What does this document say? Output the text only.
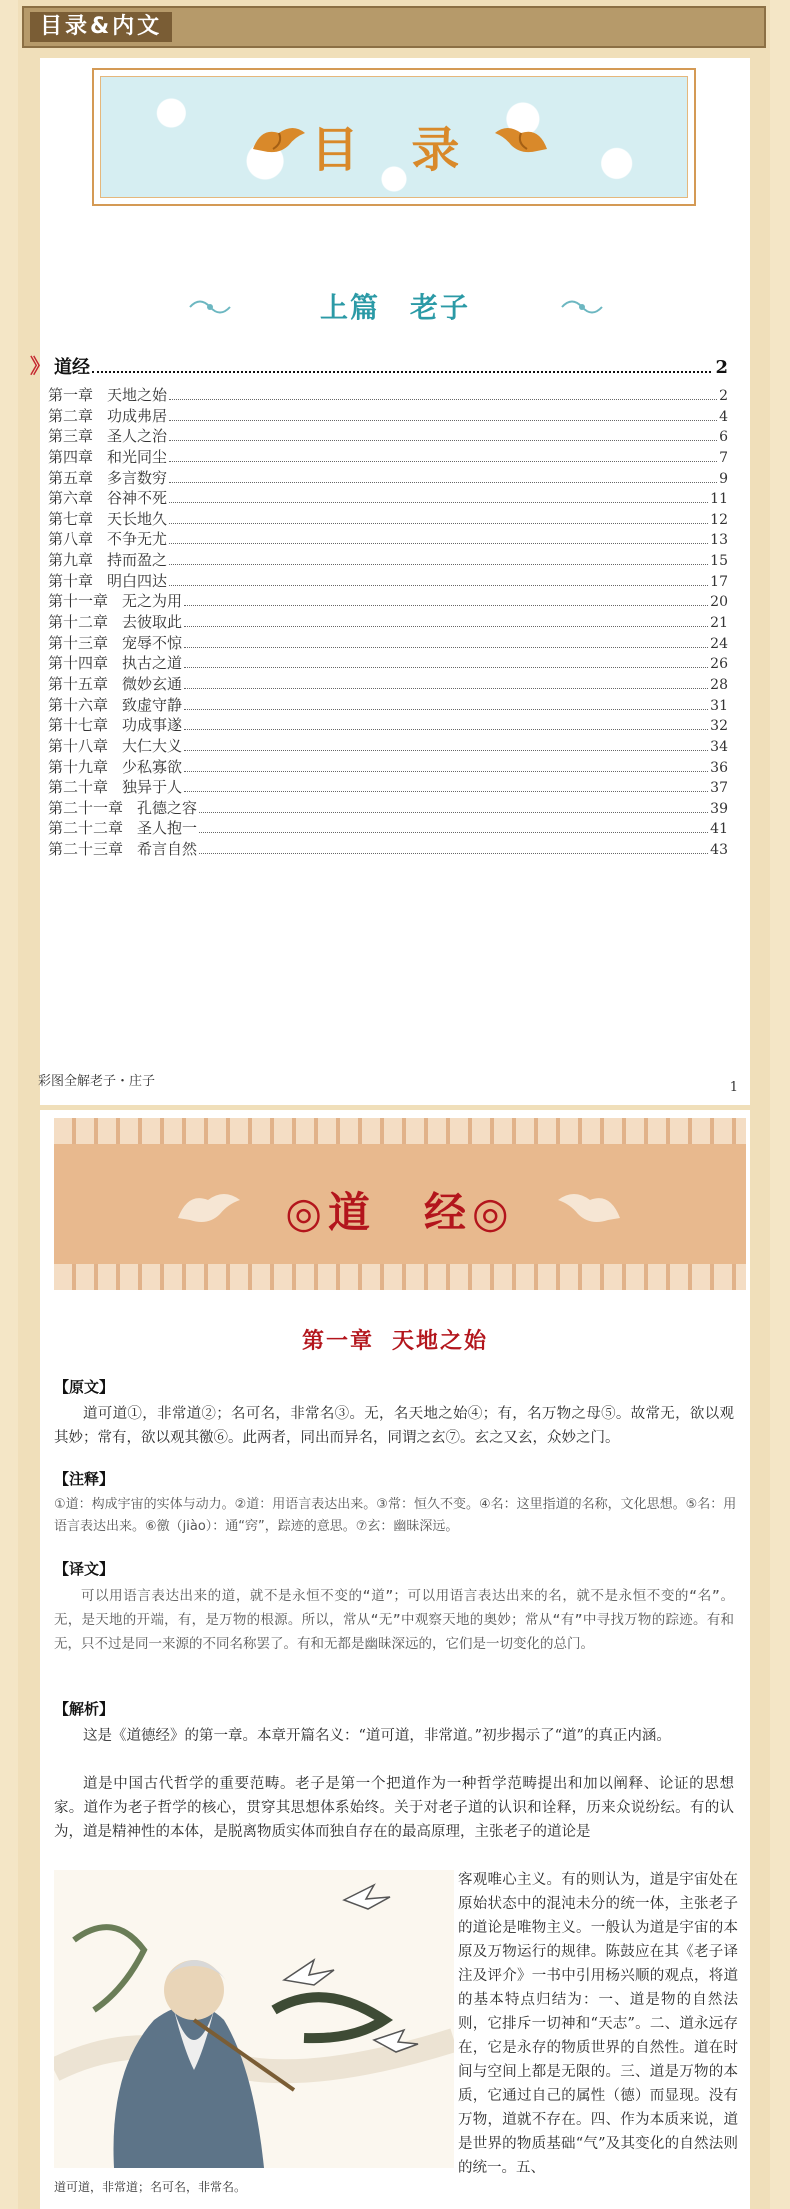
目录&内文
目 录
上篇　老子
》 道经	2
第一章 天地之始	2
第二章 功成弗居	4
第三章 圣人之治	6
第四章 和光同尘	7
第五章 多言数穷	9
第六章 谷神不死	11
第七章 天长地久	12
第八章 不争无尤	13
第九章 持而盈之	15
第十章 明白四达	17
第十一章 无之为用	20
第十二章 去彼取此	21
第十三章 宠辱不惊	24
第十四章 执古之道	26
第十五章 微妙玄通	28
第十六章 致虚守静	31
第十七章 功成事遂	32
第十八章 大仁大义	34
第十九章 少私寡欲	36
第二十章 独异于人	37
第二十一章 孔德之容	39
第二十二章 圣人抱一	41
第二十三章 希言自然	43
彩图全解老子・庄子	1
◎道　经◎
第一章 天地之始
【原文】
道可道①，非常道②；名可名，非常名③。无，名天地之始④；有，名万物之母⑤。故常无，欲以观其妙；常有，欲以观其徼⑥。此两者，同出而异名，同谓之玄⑦。玄之又玄，众妙之门。
【注释】
①道：构成宇宙的实体与动力。②道：用语言表达出来。③常：恒久不变。④名：这里指道的名称，文化思想。⑤名：用语言表达出来。⑥徼（jiào）：通“窍”，踪迹的意思。⑦玄：幽昧深远。
【译文】
可以用语言表达出来的道，就不是永恒不变的“道”；可以用语言表达出来的名，就不是永恒不变的“名”。无，是天地的开端，有，是万物的根源。所以，常从“无”中观察天地的奥妙；常从“有”中寻找万物的踪迹。有和无，只不过是同一来源的不同名称罢了。有和无都是幽昧深远的，它们是一切变化的总门。
【解析】
这是《道德经》的第一章。本章开篇名义：“道可道，非常道。”初步揭示了“道”的真正内涵。
道是中国古代哲学的重要范畴。老子是第一个把道作为一种哲学范畴提出和加以阐释、论证的思想家。道作为老子哲学的核心，贯穿其思想体系始终。关于对老子道的认识和诠释，历来众说纷纭。有的认为，道是精神性的本体，是脱离物质实体而独自存在的最高原理，主张老子的道论是
客观唯心主义。有的则认为，道是宇宙处在原始状态中的混沌未分的统一体，主张老子的道论是唯物主义。一般认为道是宇宙的本原及万物运行的规律。陈鼓应在其《老子译注及评介》一书中引用杨兴顺的观点，将道的基本特点归结为：一、道是物的自然法则，它排斥一切神和“天志”。二、道永远存在，它是永存的物质世界的自然性。道在时间与空间上都是无限的。三、道是万物的本质，它通过自己的属性（德）而显现。没有万物，道就不存在。四、作为本质来说，道是世界的物质基础“气”及其变化的自然法则的统一。五、
道可道，非常道；名可名，非常名。
